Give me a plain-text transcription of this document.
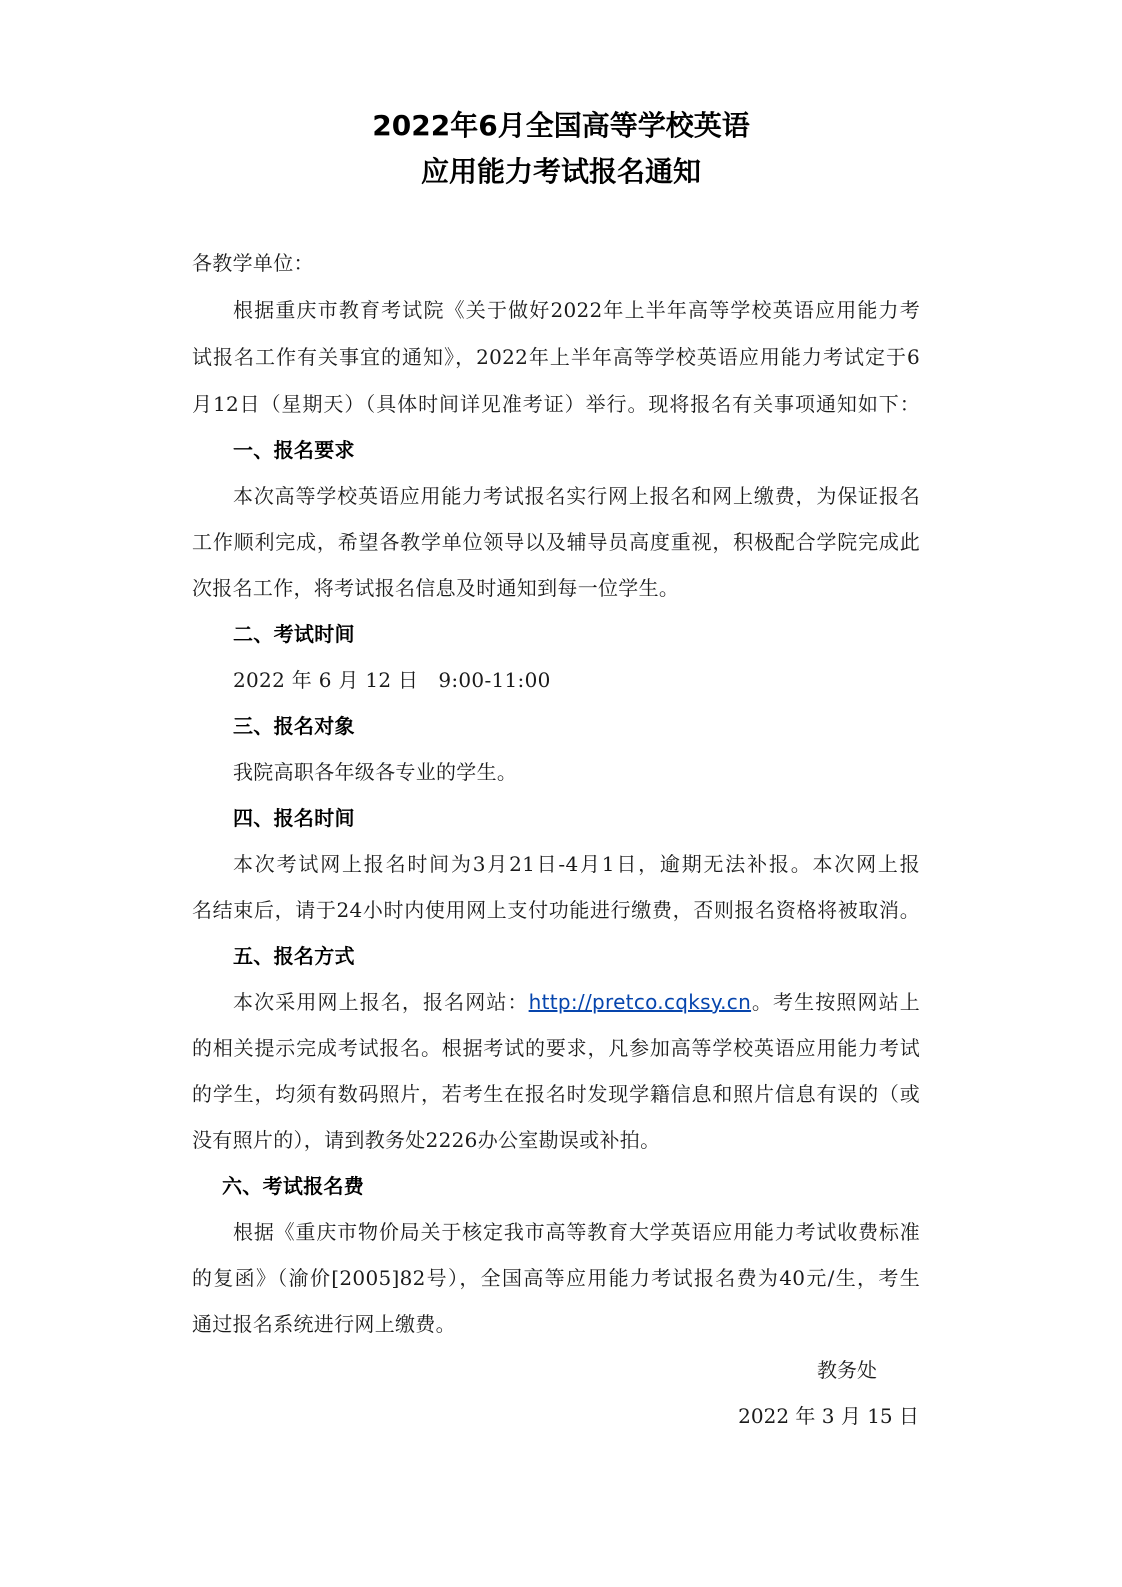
2022年6月全国高等学校英语
应用能力考试报名通知
各教学单位：
根据重庆市教育考试院《关于做好2022年上半年高等学校英语应用能力考
试报名工作有关事宜的通知》，2022年上半年高等学校英语应用能力考试定于6
月12日（星期天）（具体时间详见准考证）举行。现将报名有关事项通知如下：
一、报名要求
本次高等学校英语应用能力考试报名实行网上报名和网上缴费，为保证报名
工作顺利完成，希望各教学单位领导以及辅导员高度重视，积极配合学院完成此
次报名工作，将考试报名信息及时通知到每一位学生。
二、考试时间
2022 年 6 月 12 日   9:00-11:00
三、报名对象
我院高职各年级各专业的学生。
四、报名时间
本次考试网上报名时间为3月21日-4月1日，逾期无法补报。本次网上报
名结束后，请于24小时内使用网上支付功能进行缴费，否则报名资格将被取消。
五、报名方式
本次采用网上报名，报名网站：http://pretco.cqksy.cn。考生按照网站上
的相关提示完成考试报名。根据考试的要求，凡参加高等学校英语应用能力考试
的学生，均须有数码照片，若考生在报名时发现学籍信息和照片信息有误的（或
没有照片的），请到教务处2226办公室勘误或补拍。
六、考试报名费
根据《重庆市物价局关于核定我市高等教育大学英语应用能力考试收费标准
的复函》（渝价[2005]82号），全国高等应用能力考试报名费为40元/生，考生
通过报名系统进行网上缴费。
教务处
2022 年 3 月 15 日
